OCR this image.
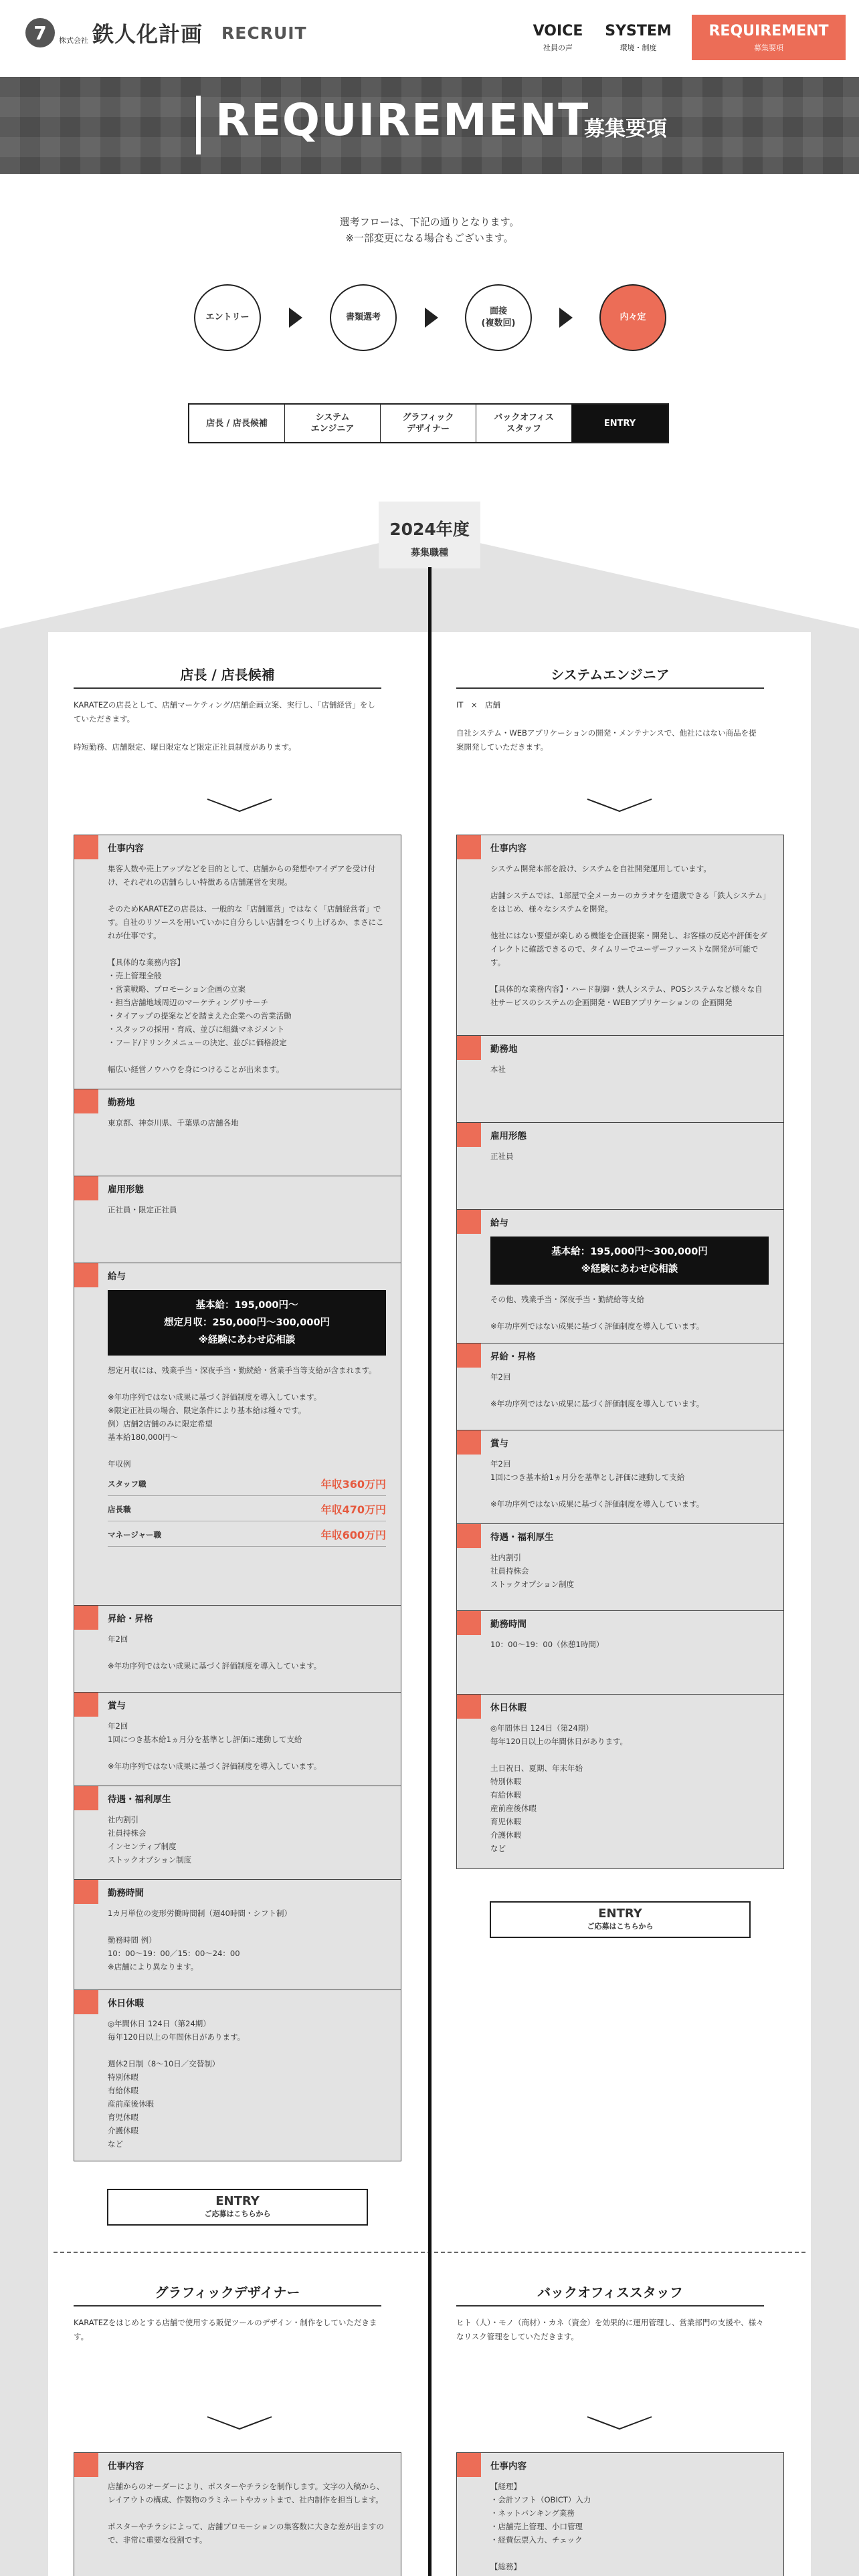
7	株式会社 鉄人化計画 RECRUIT	VOICE
社員の声
SYSTEM
環境・制度
REQUIREMENT
募集要項
REQUIREMENT
募集要項
選考フローは、下記の通りとなります。
※一部変更になる場合もございます。
エントリー	書類選考
面接
(複数回)
内々定
店長 / 店長候補
システム
エンジニア
グラフィック
デザイナー
バックオフィス
スタッフ
ENTRY
2024年度
募集職種
店長 / 店長候補
KARATEZの店長として、店舗マーケティング/店舗企画立案、実行し、「店舗経営」をしていただきます。

時短勤務、店舗限定、曜日限定など限定正社員制度があります。
仕事内容
集客人数や売上アップなどを目的として、店舗からの発想やアイデアを受け付け、それぞれの店舗らしい特徴ある店舗運営を実現。

そのためKARATEZの店長は、一般的な「店舗運営」ではなく「店舗経営者」です。自社のリソースを用いていかに自分らしい店舗をつくり上げるか、まさにこれが仕事です。

【具体的な業務内容】
・売上管理全般
・営業戦略、プロモーション企画の立案
・担当店舗地域周辺のマーケティングリサーチ
・タイアップの提案などを踏まえた企業への営業活動
・スタッフの採用・育成、並びに組織マネジメント
・フード/ドリンクメニューの決定、並びに価格設定

幅広い経営ノウハウを身につけることが出来ます。
勤務地
東京都、神奈川県、千葉県の店舗各地
雇用形態
正社員・限定正社員
給与
基本給：195,000円〜
想定月収：250,000円〜300,000円
※経験にあわせ応相談
想定月収には、残業手当・深夜手当・勤続給・営業手当等支給が含まれます。

※年功序列ではない成果に基づく評価制度を導入しています。
※限定正社員の場合、限定条件により基本給は種々です。
例）店舗2店舗のみに限定希望
基本給180,000円〜

年収例
スタッフ職	年収360万円
店長職	年収470万円
マネージャー職	年収600万円
昇給・昇格
年2回

※年功序列ではない成果に基づく評価制度を導入しています。
賞与
年2回
1回につき基本給1ヵ月分を基準とし評価に連動して支給

※年功序列ではない成果に基づく評価制度を導入しています。
待遇・福利厚生
社内割引
社員持株会
インセンティブ制度
ストックオプション制度
勤務時間
1カ月単位の変形労働時間制（週40時間・シフト制）

勤務時間 例）
10：00〜19：00／15：00〜24：00
※店舗により異なります。
休日休暇
◎年間休日 124日（第24期）
毎年120日以上の年間休日があります。

週休2日制（8〜10日／交替制）
特別休暇
有給休暇
産前産後休暇
育児休暇
介護休暇
など
ENTRY
ご応募はこちらから
システムエンジニア
IT　×　店舗

自社システム・WEBアプリケーションの開発・メンテナンスで、他社にはない商品を提案開発していただきます。
仕事内容
システム開発本部を設け、システムを自社開発運用しています。

店舗システムでは、1部屋で全メーカーのカラオケを還歳できる「鉄人システム」をはじめ、様々なシステムを開発。

他社にはない要望が楽しめる機能を企画提案・開発し、お客様の反応や評価をダイレクトに確認できるので、タイムリーでユーザーファーストな開発が可能です。

【具体的な業務内容】・ハード制御・鉄人システム、POSシステムなど様々な自社サービスのシステムの企画開発・WEBアプリケーションの 企画開発
勤務地
本社
雇用形態
正社員
給与
基本給：195,000円〜300,000円
※経験にあわせ応相談
その他、残業手当・深夜手当・勤続給等支給

※年功序列ではない成果に基づく評価制度を導入しています。
昇給・昇格
年2回

※年功序列ではない成果に基づく評価制度を導入しています。
賞与
年2回
1回につき基本給1ヵ月分を基準とし評価に連動して支給

※年功序列ではない成果に基づく評価制度を導入しています。
待遇・福利厚生
社内割引
社員持株会
ストックオプション制度
勤務時間
10：00〜19：00（休憩1時間）
休日休暇
◎年間休日 124日（第24期）
毎年120日以上の年間休日があります。

土日祝日、夏期、年末年始
特別休暇
有給休暇
産前産後休暇
育児休暇
介護休暇
など
ENTRY
ご応募はこちらから
グラフィックデザイナー
KARATEZをはじめとする店舗で使用する販促ツールのデザイン・制作をしていただきます。
仕事内容
店舗からのオーダーにより、ポスターやチラシを制作します。文字の入稿から、レイアウトの構成、作製物のラミネートやカットまで、社内制作を担当します。

ポスターやチラシによって、店舗プロモーションの集客数に大きな差が出ますので、非常に重要な役割です。
バックオフィススタッフ
ヒト（人）・モノ（商材）・カネ（資金）を効果的に運用管理し、営業部門の支援や、様々なリスク管理をしていただきます。
仕事内容
【経理】
・会計ソフト（OBICT）入力
・ネットバンキング業務
・店舗売上管理、小口管理
・経費伝票入力、チェック

【総務】
